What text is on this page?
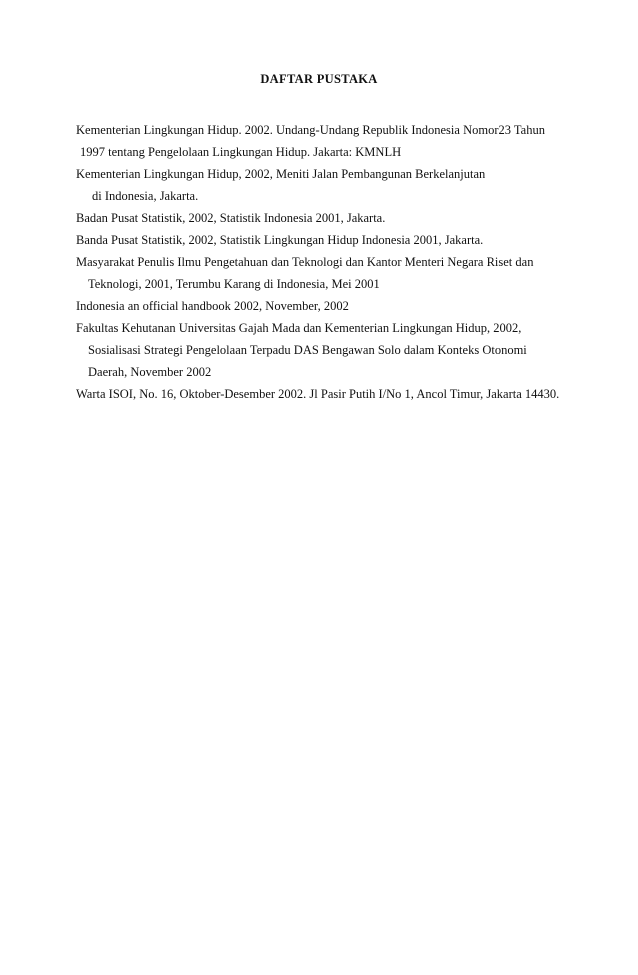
DAFTAR PUSTAKA
Kementerian Lingkungan Hidup. 2002. Undang-Undang Republik Indonesia Nomor23 Tahun
1997 tentang Pengelolaan Lingkungan Hidup. Jakarta: KMNLH
Kementerian Lingkungan Hidup, 2002, Meniti Jalan Pembangunan Berkelanjutan
di Indonesia, Jakarta.
Badan Pusat Statistik, 2002, Statistik Indonesia 2001, Jakarta.
Banda Pusat Statistik, 2002, Statistik Lingkungan Hidup Indonesia 2001, Jakarta.
Masyarakat Penulis Ilmu Pengetahuan dan Teknologi dan Kantor Menteri Negara Riset dan
Teknologi, 2001, Terumbu Karang di Indonesia, Mei 2001
Indonesia an official handbook 2002, November, 2002
Fakultas Kehutanan Universitas Gajah Mada dan Kementerian Lingkungan Hidup, 2002,
Sosialisasi Strategi Pengelolaan Terpadu DAS Bengawan Solo dalam Konteks Otonomi
Daerah, November 2002
Warta ISOI, No. 16, Oktober-Desember 2002. Jl Pasir Putih I/No 1, Ancol Timur, Jakarta 14430.
